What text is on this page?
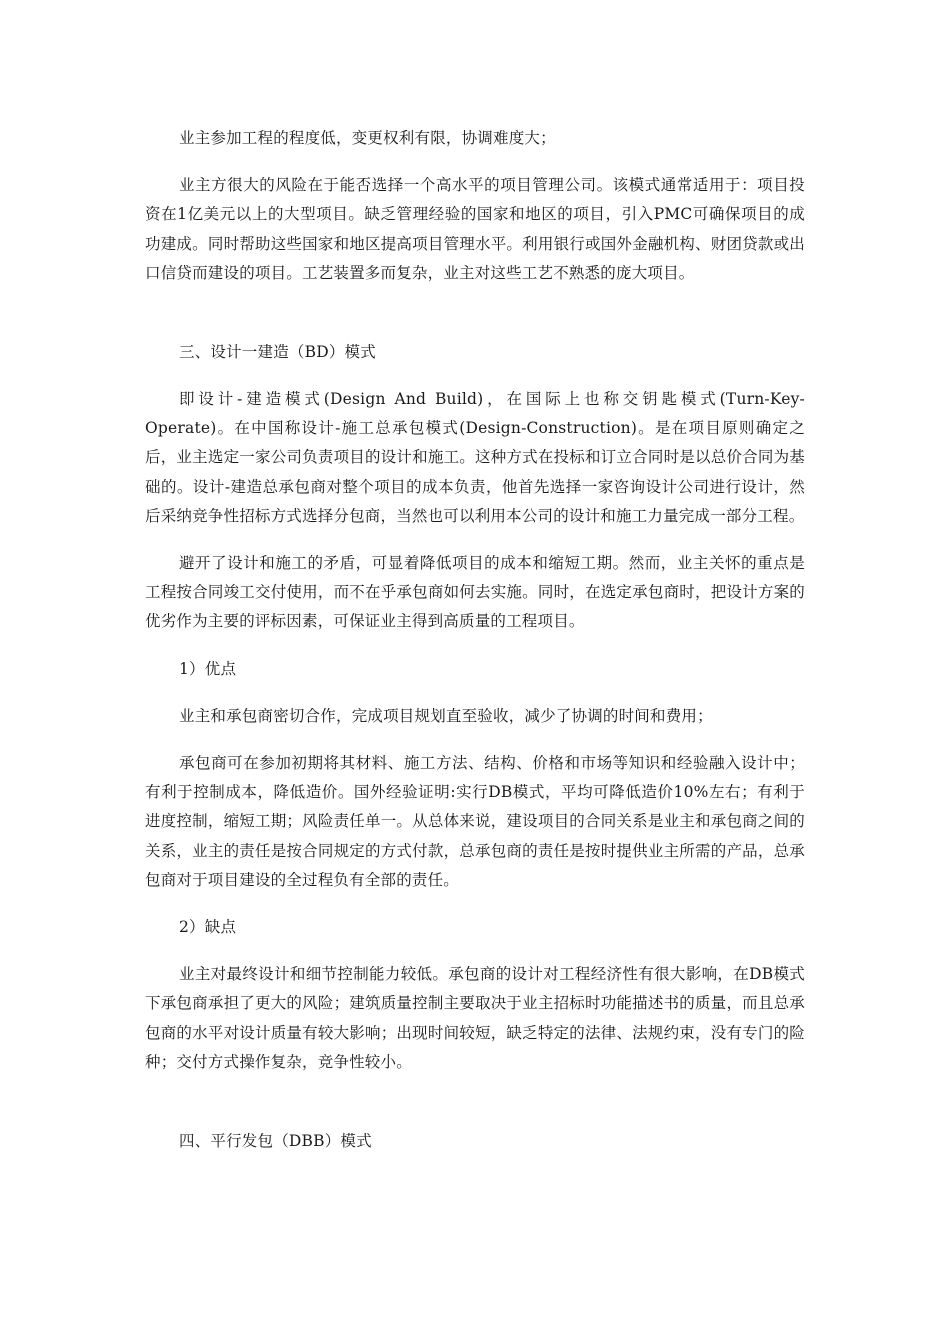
业主参加工程的程度低，变更权利有限，协调难度大；

业主方很大的风险在于能否选择一个高水平的项目管理公司。该模式通常适用于：项目投资在1亿美元以上的大型项目。缺乏管理经验的国家和地区的项目，引入PMC可确保项目的成功建成。同时帮助这些国家和地区提高项目管理水平。利用银行或国外金融机构、财团贷款或出口信贷而建设的项目。工艺装置多而复杂，业主对这些工艺不熟悉的庞大项目。

三、设计一建造（BD）模式

即设计-建造模式(Design And Build)，在国际上也称交钥匙模式(Turn-Key-Operate)。在中国称设计-施工总承包模式(Design-Construction)。是在项目原则确定之后，业主选定一家公司负责项目的设计和施工。这种方式在投标和订立合同时是以总价合同为基础的。设计-建造总承包商对整个项目的成本负责，他首先选择一家咨询设计公司进行设计，然后采纳竞争性招标方式选择分包商，当然也可以利用本公司的设计和施工力量完成一部分工程。

避开了设计和施工的矛盾，可显着降低项目的成本和缩短工期。然而，业主关怀的重点是工程按合同竣工交付使用，而不在乎承包商如何去实施。同时，在选定承包商时，把设计方案的优劣作为主要的评标因素，可保证业主得到高质量的工程项目。

1）优点

业主和承包商密切合作，完成项目规划直至验收，减少了协调的时间和费用；

承包商可在参加初期将其材料、施工方法、结构、价格和市场等知识和经验融入设计中；有利于控制成本，降低造价。国外经验证明:实行DB模式，平均可降低造价10%左右；有利于进度控制，缩短工期；风险责任单一。从总体来说，建设项目的合同关系是业主和承包商之间的关系，业主的责任是按合同规定的方式付款，总承包商的责任是按时提供业主所需的产品，总承包商对于项目建设的全过程负有全部的责任。

2）缺点

业主对最终设计和细节控制能力较低。承包商的设计对工程经济性有很大影响，在DB模式下承包商承担了更大的风险；建筑质量控制主要取决于业主招标时功能描述书的质量，而且总承包商的水平对设计质量有较大影响；出现时间较短，缺乏特定的法律、法规约束，没有专门的险种；交付方式操作复杂，竞争性较小。

四、平行发包（DBB）模式
